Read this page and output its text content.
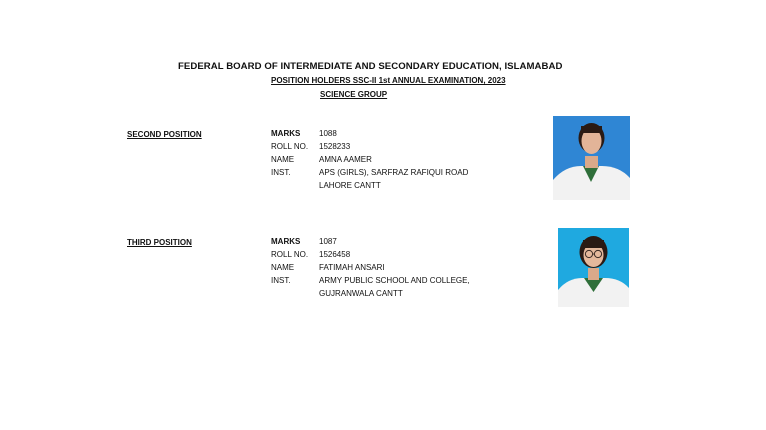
FEDERAL BOARD OF INTERMEDIATE AND SECONDARY EDUCATION, ISLAMABAD
POSITION HOLDERS SSC-II 1st ANNUAL EXAMINATION, 2023
SCIENCE GROUP
SECOND POSITION	MARKS 1088
ROLL NO. 1528233
NAME	AMNA AAMER
INST.	APS (GIRLS), SARFRAZ RAFIQUI ROAD
LAHORE CANTT
THIRD POSITION	MARKS 1087
ROLL NO. 1526458
NAME	FATIMAH ANSARI
INST.	ARMY PUBLIC SCHOOL AND COLLEGE,
GUJRANWALA CANTT
